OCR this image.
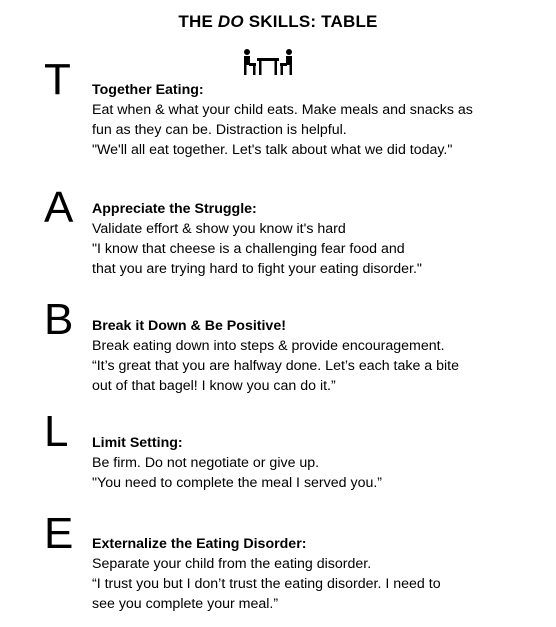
THE DO SKILLS: TABLE
T Together Eating:
Eat when & what your child eats. Make meals and snacks as
fun as they can be. Distraction is helpful.
"We'll all eat together. Let's talk about what we did today."
A Appreciate the Struggle:
Validate effort & show you know it's hard
"I know that cheese is a challenging fear food and
that you are trying hard to fight your eating disorder."
B Break it Down & Be Positive!
Break eating down into steps & provide encouragement.
“It’s great that you are halfway done. Let’s each take a bite
out of that bagel! I know you can do it.”
L Limit Setting:
Be firm. Do not negotiate or give up.
"You need to complete the meal I served you.”
E Externalize the Eating Disorder:
Separate your child from the eating disorder.
“I trust you but I don’t trust the eating disorder. I need to
see you complete your meal.”
